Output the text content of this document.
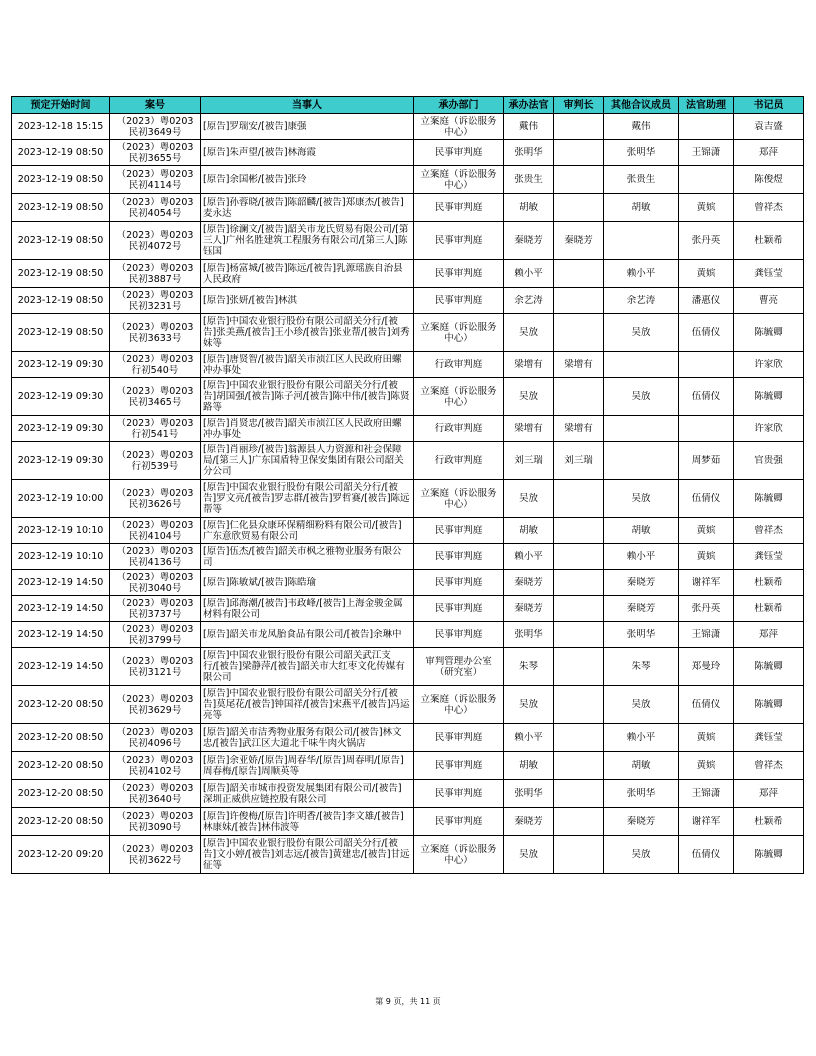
预定开始时间	案号	当事人	承办部门	承办法官	审判长	其他合议成员	法官助理	书记员

2023-12-18 15:15	（2023）粤0203民初3649号	[原告]罗瑞安/[被告]康强	立案庭（诉讼服务中心）	戴伟		戴伟		袁吉盛

2023-12-19 08:50	（2023）粤0203民初3655号	[原告]朱声望/[被告]林海霞	民事审判庭	张明华		张明华	王锦潇	郑萍

2023-12-19 08:50	（2023）粤0203民初4114号	[原告]余国彬/[被告]张玲	立案庭（诉讼服务中心）	张贵生		张贵生		陈俊煜

2023-12-19 08:50	（2023）粤0203民初4054号	[原告]孙蓉晓/[被告]陈韶麟/[被告]郑康杰/[被告]麦永达	民事审判庭	胡敏		胡敏	黄嫔	曾祥杰

2023-12-19 08:50	（2023）粤0203民初4072号	[原告]徐澜文/[被告]韶关市龙氏贸易有限公司/[第三人]广州名胜建筑工程服务有限公司/[第三人]陈钰国	民事审判庭	秦晓芳	秦晓芳		张丹英	杜颖希

2023-12-19 08:50	（2023）粤0203民初3887号	[原告]杨富城/[被告]陈远/[被告]乳源瑶族自治县人民政府	民事审判庭	赖小平		赖小平	黄嫔	龚钰莹

2023-12-19 08:50	（2023）粤0203民初3231号	[原告]张妍/[被告]林淇	民事审判庭	余艺涛		余艺涛	潘惠仪	曹亮

2023-12-19 08:50	（2023）粤0203民初3633号	[原告]中国农业银行股份有限公司韶关分行/[被告]张美燕/[被告]王小珍/[被告]张业帮/[被告]刘秀妹等	立案庭（诉讼服务中心）	吴放		吴放	伍倩仪	陈毓卿

2023-12-19 09:30	（2023）粤0203行初540号	[原告]唐贤智/[被告]韶关市浈江区人民政府田螺冲办事处	行政审判庭	梁增有	梁增有			许家欣

2023-12-19 09:30	（2023）粤0203民初3465号	[原告]中国农业银行股份有限公司韶关分行/[被告]胡国强/[被告]陈子河/[被告]陈中伟/[被告]陈贤路等	立案庭（诉讼服务中心）	吴放		吴放	伍倩仪	陈毓卿

2023-12-19 09:30	（2023）粤0203行初541号	[原告]肖贤忠/[被告]韶关市浈江区人民政府田螺冲办事处	行政审判庭	梁增有	梁增有			许家欣

2023-12-19 09:30	（2023）粤0203行初539号	[原告]肖丽珍/[被告]翁源县人力资源和社会保障局/[第三人]广东国盾特卫保安集团有限公司韶关分公司	行政审判庭	刘三瑞	刘三瑞		周梦茹	官贵强

2023-12-19 10:00	（2023）粤0203民初3626号	[原告]中国农业银行股份有限公司韶关分行/[被告]罗文亮/[被告]罗志群/[被告]罗哲赛/[被告]陈远帮等	立案庭（诉讼服务中心）	吴放		吴放	伍倩仪	陈毓卿

2023-12-19 10:10	（2023）粤0203民初4104号	[原告]仁化县众康环保精细粉料有限公司/[被告]广东意欣贸易有限公司	民事审判庭	胡敏		胡敏	黄嫔	曾祥杰

2023-12-19 10:10	（2023）粤0203民初4136号	[原告]伍杰/[被告]韶关市枫之雅物业服务有限公司	民事审判庭	赖小平		赖小平	黄嫔	龚钰莹

2023-12-19 14:50	（2023）粤0203民初3040号	[原告]陈敏斌/[被告]陈皓瑜	民事审判庭	秦晓芳		秦晓芳	谢祥军	杜颖希

2023-12-19 14:50	（2023）粤0203民初3737号	[原告]邱海潮/[被告]韦政峰/[被告]上海金骏金属材料有限公司	民事审判庭	秦晓芳		秦晓芳	张丹英	杜颖希

2023-12-19 14:50	（2023）粤0203民初3799号	[原告]韶关市龙凤胎食品有限公司/[被告]余琳中	民事审判庭	张明华		张明华	王锦潇	郑萍

2023-12-19 14:50	（2023）粤0203民初3121号	[原告]中国农业银行股份有限公司韶关武江支行/[被告]梁静萍/[被告]韶关市大红枣文化传媒有限公司	审判管理办公室（研究室）	朱琴		朱琴	郑曼玲	陈毓卿

2023-12-20 08:50	（2023）粤0203民初3629号	[原告]中国农业银行股份有限公司韶关分行/[被告]莫尾花/[被告]钟国祥/[被告]宋燕平/[被告]冯运亮等	立案庭（诉讼服务中心）	吴放		吴放	伍倩仪	陈毓卿

2023-12-20 08:50	（2023）粤0203民初4096号	[原告]韶关市洁秀物业服务有限公司/[被告]林文忠/[被告]武江区大道北千味牛肉火锅店	民事审判庭	赖小平		赖小平	黄嫔	龚钰莹

2023-12-20 08:50	（2023）粤0203民初4102号	[原告]余亚娇/[原告]周春华/[原告]周春明/[原告]周春梅/[原告]周顺英等	民事审判庭	胡敏		胡敏	黄嫔	曾祥杰

2023-12-20 08:50	（2023）粤0203民初3640号	[原告]韶关市城市投资发展集团有限公司/[被告]深圳正威供应链控股有限公司	民事审判庭	张明华		张明华	王锦潇	郑萍

2023-12-20 08:50	（2023）粤0203民初3090号	[原告]许俊梅/[原告]许明香/[被告]李文雄/[被告]林康妹/[被告]林伟波等	民事审判庭	秦晓芳		秦晓芳	谢祥军	杜颖希

2023-12-20 09:20	（2023）粤0203民初3622号	[原告]中国农业银行股份有限公司韶关分行/[被告]文小婷/[被告]刘志远/[被告]黄建忠/[被告]甘远征等	立案庭（诉讼服务中心）	吴放		吴放	伍倩仪	陈毓卿
第 9 页，共 11 页
